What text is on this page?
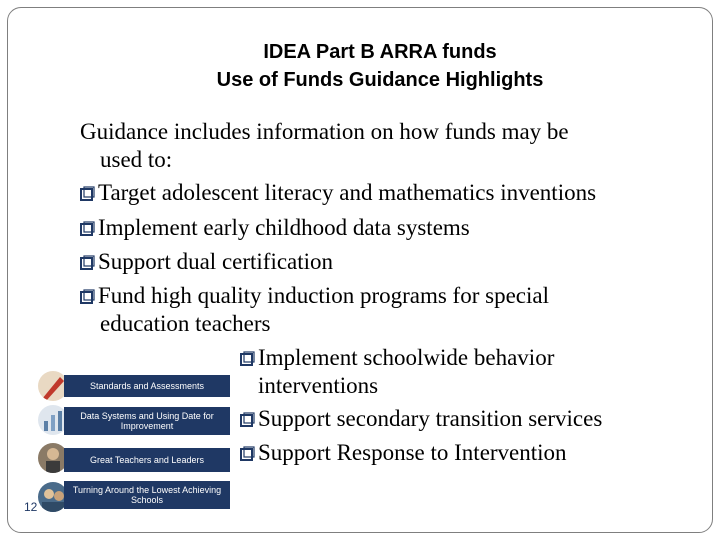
IDEA Part B ARRA funds
Use of Funds Guidance Highlights
Guidance includes information on how funds may be
used to:
Target adolescent literacy and mathematics inventions
Implement early childhood data systems
Support dual certification
Fund high quality induction programs for special
education teachers
Implement schoolwide behavior
interventions
Support secondary transition services
Support Response to Intervention
Standards and Assessments
Data Systems and Using Date for Improvement
Great Teachers and Leaders
Turning Around the Lowest Achieving Schools
12
